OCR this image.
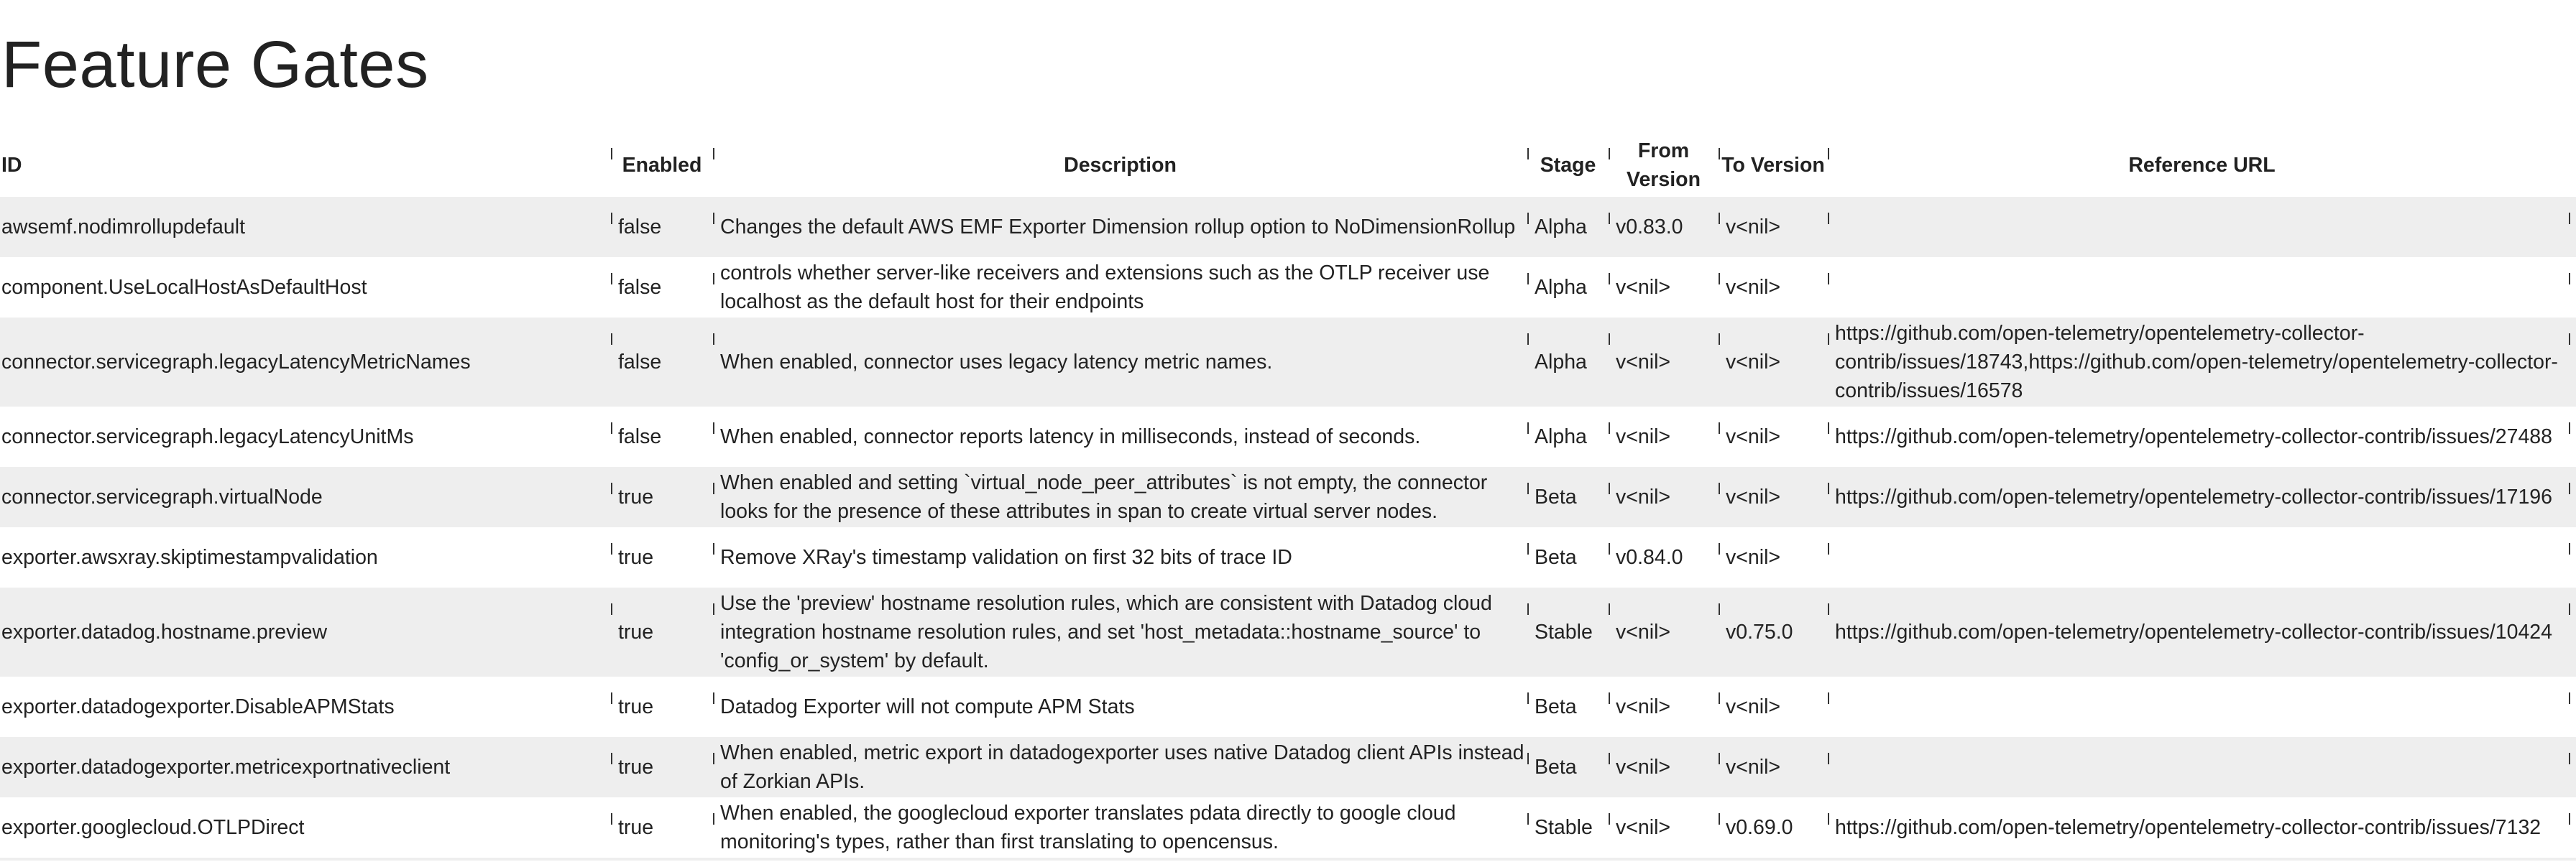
Feature Gates
ID	Enabled	Description	Stage	From Version	To Version	Reference URL
awsemf.nodimrollupdefault	false	Changes the default AWS EMF Exporter Dimension rollup option to NoDimensionRollup	Alpha	v0.83.0	v<nil>	
component.UseLocalHostAsDefaultHost	false	controls whether server-like receivers and extensions such as the OTLP receiver use localhost as the default host for their endpoints	Alpha	v<nil>	v<nil>	
connector.servicegraph.legacyLatencyMetricNames	false	When enabled, connector uses legacy latency metric names.	Alpha	v<nil>	v<nil>	https://github.com/open-telemetry/opentelemetry-collector-contrib/issues/18743,https://github.com/open-telemetry/opentelemetry-collector-contrib/issues/16578
connector.servicegraph.legacyLatencyUnitMs	false	When enabled, connector reports latency in milliseconds, instead of seconds.	Alpha	v<nil>	v<nil>	https://github.com/open-telemetry/opentelemetry-collector-contrib/issues/27488
connector.servicegraph.virtualNode	true	When enabled and setting `virtual_node_peer_attributes` is not empty, the connector looks for the presence of these attributes in span to create virtual server nodes.	Beta	v<nil>	v<nil>	https://github.com/open-telemetry/opentelemetry-collector-contrib/issues/17196
exporter.awsxray.skiptimestampvalidation	true	Remove XRay's timestamp validation on first 32 bits of trace ID	Beta	v0.84.0	v<nil>	
exporter.datadog.hostname.preview	true	Use the 'preview' hostname resolution rules, which are consistent with Datadog cloud integration hostname resolution rules, and set 'host_metadata::hostname_source' to 'config_or_system' by default.	Stable	v<nil>	v0.75.0	https://github.com/open-telemetry/opentelemetry-collector-contrib/issues/10424
exporter.datadogexporter.DisableAPMStats	true	Datadog Exporter will not compute APM Stats	Beta	v<nil>	v<nil>	
exporter.datadogexporter.metricexportnativeclient	true	When enabled, metric export in datadogexporter uses native Datadog client APIs instead of Zorkian APIs.	Beta	v<nil>	v<nil>	
exporter.googlecloud.OTLPDirect	true	When enabled, the googlecloud exporter translates pdata directly to google cloud monitoring's types, rather than first translating to opencensus.	Stable	v<nil>	v0.69.0	https://github.com/open-telemetry/opentelemetry-collector-contrib/issues/7132
